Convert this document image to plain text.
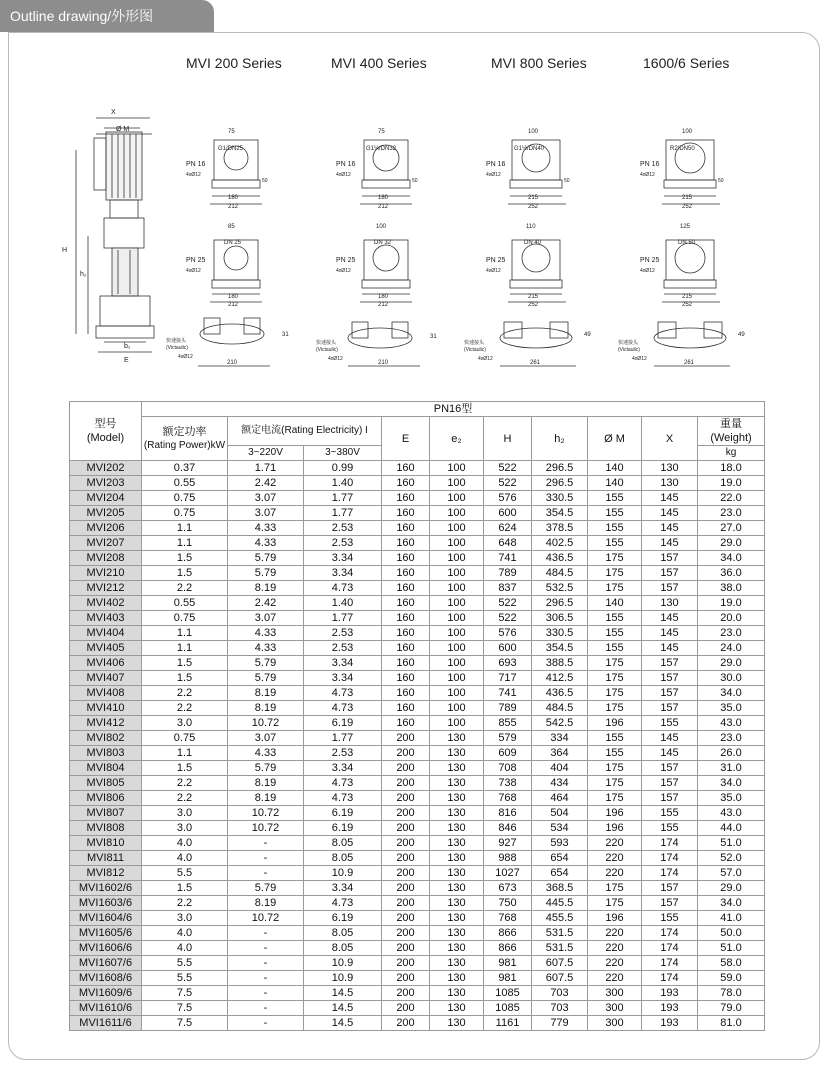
Outline drawing/外形图
MVI 200 Series	MVI 400 Series	MVI 800 Series	1600/6 Series
X
Ø M
H
h₂
b₁
E
75
G1/DN25
PN 16
4xØ12
50
180
212
85
DN 25
PN 25
4xØ12
180
212
快速接头
(Victaulic)
4xØ12
210
31
75
G1¼/DN32
PN 16
4xØ12
50
180
212
100
DN 32
PN 25
4xØ12
180
212
快速接头
(Victaulic)
4xØ12
210
31
100
G1½/DN40
PN 16
4xØ12
50
215
252
110
DN 40
PN 25
4xØ12
215
252
快速接头
(Victaulic)
4xØ12
261
49
100
R2/DN50
PN 16
4xØ12
50
215
252
125
DN 50
PN 25
4xØ12
215
252
快速接头
(Victaulic)
4xØ12
261
49
型号
(Model)	PN16型									

	额定功率
(Rating Power)kW	额定电流(Rating Electricity) I		E	e₂	H	h₂	Ø M	X	重量 (Weight)
		3~220V	3~380V							kg
MVI202	0.37	1.71	0.99	160	100	522	296.5	140	130	18.0
MVI203	0.55	2.42	1.40	160	100	522	296.5	140	130	19.0
MVI204	0.75	3.07	1.77	160	100	576	330.5	155	145	22.0
MVI205	0.75	3.07	1.77	160	100	600	354.5	155	145	23.0
MVI206	1.1	4.33	2.53	160	100	624	378.5	155	145	27.0
MVI207	1.1	4.33	2.53	160	100	648	402.5	155	145	29.0
MVI208	1.5	5.79	3.34	160	100	741	436.5	175	157	34.0
MVI210	1.5	5.79	3.34	160	100	789	484.5	175	157	36.0
MVI212	2.2	8.19	4.73	160	100	837	532.5	175	157	38.0
MVI402	0.55	2.42	1.40	160	100	522	296.5	140	130	19.0
MVI403	0.75	3.07	1.77	160	100	522	306.5	155	145	20.0
MVI404	1.1	4.33	2.53	160	100	576	330.5	155	145	23.0
MVI405	1.1	4.33	2.53	160	100	600	354.5	155	145	24.0
MVI406	1.5	5.79	3.34	160	100	693	388.5	175	157	29.0
MVI407	1.5	5.79	3.34	160	100	717	412.5	175	157	30.0
MVI408	2.2	8.19	4.73	160	100	741	436.5	175	157	34.0
MVI410	2.2	8.19	4.73	160	100	789	484.5	175	157	35.0
MVI412	3.0	10.72	6.19	160	100	855	542.5	196	155	43.0
MVI802	0.75	3.07	1.77	200	130	579	334	155	145	23.0
MVI803	1.1	4.33	2.53	200	130	609	364	155	145	26.0
MVI804	1.5	5.79	3.34	200	130	708	404	175	157	31.0
MVI805	2.2	8.19	4.73	200	130	738	434	175	157	34.0
MVI806	2.2	8.19	4.73	200	130	768	464	175	157	35.0
MVI807	3.0	10.72	6.19	200	130	816	504	196	155	43.0
MVI808	3.0	10.72	6.19	200	130	846	534	196	155	44.0
MVI810	4.0	-	8.05	200	130	927	593	220	174	51.0
MVI811	4.0	-	8.05	200	130	988	654	220	174	52.0
MVI812	5.5	-	10.9	200	130	1027	654	220	174	57.0
MVI1602/6	1.5	5.79	3.34	200	130	673	368.5	175	157	29.0
MVI1603/6	2.2	8.19	4.73	200	130	750	445.5	175	157	34.0
MVI1604/6	3.0	10.72	6.19	200	130	768	455.5	196	155	41.0
MVI1605/6	4.0	-	8.05	200	130	866	531.5	220	174	50.0
MVI1606/6	4.0	-	8.05	200	130	866	531.5	220	174	51.0
MVI1607/6	5.5	-	10.9	200	130	981	607.5	220	174	58.0
MVI1608/6	5.5	-	10.9	200	130	981	607.5	220	174	59.0
MVI1609/6	7.5	-	14.5	200	130	1085	703	300	193	78.0
MVI1610/6	7.5	-	14.5	200	130	1085	703	300	193	79.0
MVI1611/6	7.5	-	14.5	200	130	1161	779	300	193	81.0
